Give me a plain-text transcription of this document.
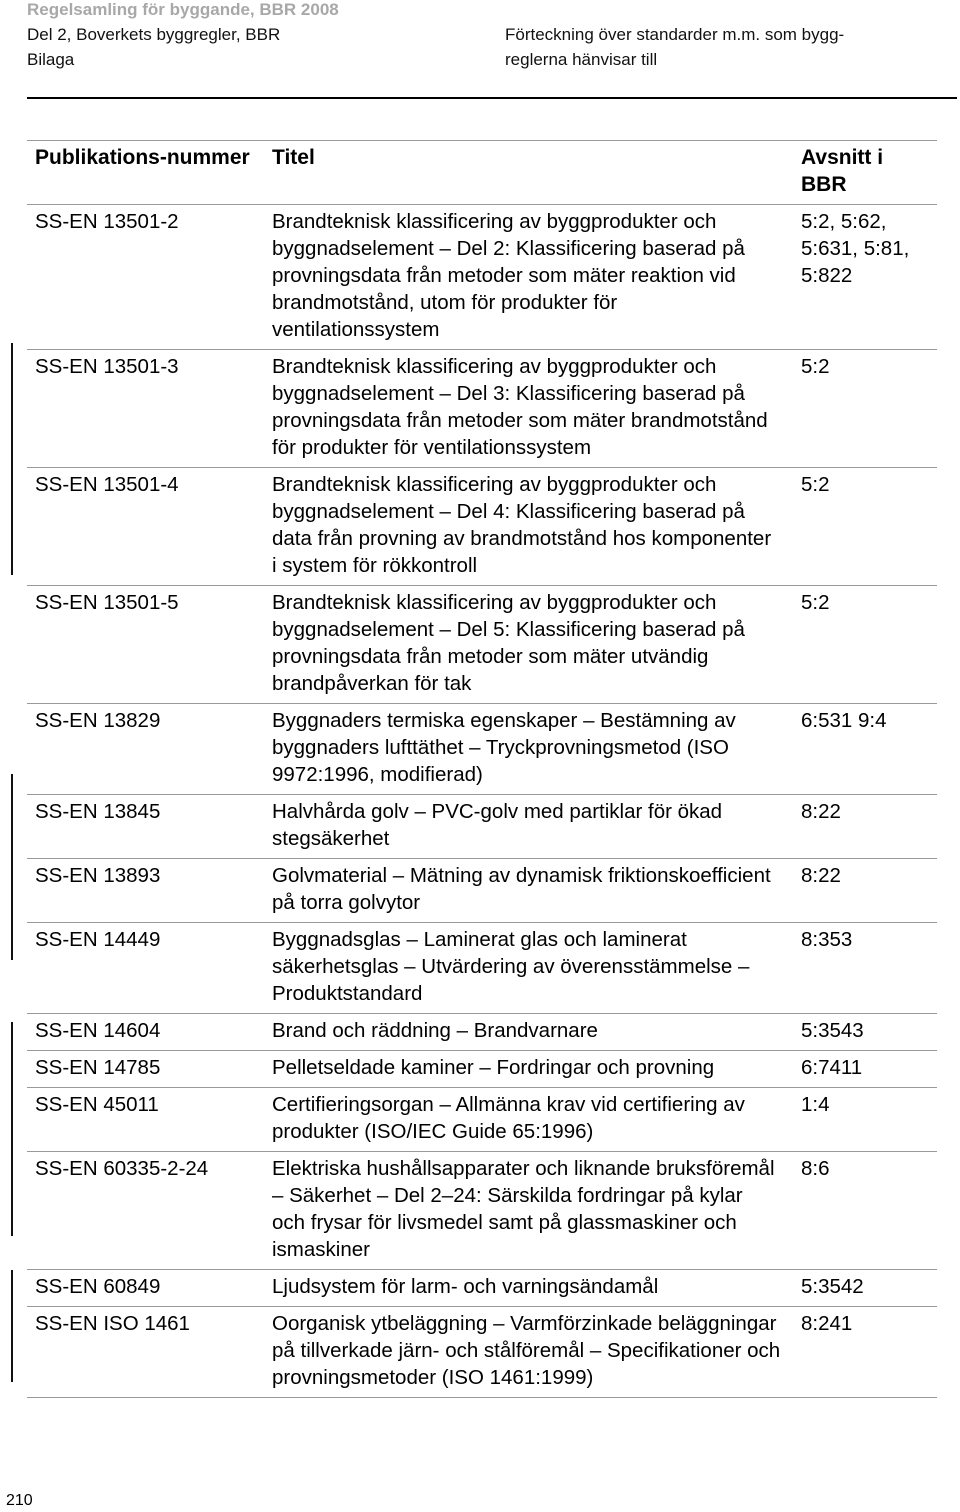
Regelsamling för byggande, BBR 2008
Del 2, Boverkets byggregler, BBR
Bilaga
Förteckning över standarder m.m. som bygg-
reglerna hänvisar till
Publikations-nummer	Titel	Avsnitt i BBR
SS-EN 13501-2	Brandteknisk klassificering av byggprodukter och byggnadselement – Del 2: Klassificering baserad på provningsdata från metoder som mäter reaktion vid brandmotstånd, utom för produkter för ventilationssystem	5:2, 5:62, 5:631, 5:81, 5:822
SS-EN 13501-3	Brandteknisk klassificering av byggprodukter och byggnadselement – Del 3: Klassificering baserad på provningsdata från metoder som mäter brandmotstånd för produkter för ventilationssystem	5:2
SS-EN 13501-4	Brandteknisk klassificering av byggprodukter och byggnadselement – Del 4: Klassificering baserad på data från provning av brandmotstånd hos komponenter i system för rökkontroll	5:2
SS-EN 13501-5	Brandteknisk klassificering av byggprodukter och byggnadselement – Del 5: Klassificering baserad på provningsdata från metoder som mäter utvändig brandpåverkan för tak	5:2
SS-EN 13829	Byggnaders termiska egenskaper – Bestämning av byggnaders lufttäthet – Tryckprovningsmetod (ISO 9972:1996, modifierad)	6:531 9:4
SS-EN 13845	Halvhårda golv – PVC-golv med partiklar för ökad stegsäkerhet	8:22
SS-EN 13893	Golvmaterial – Mätning av dynamisk friktionskoefficient på torra golvytor	8:22
SS-EN 14449	Byggnadsglas – Laminerat glas och laminerat säkerhetsglas – Utvärdering av överensstämmelse – Produktstandard	8:353
SS-EN 14604	Brand och räddning – Brandvarnare	5:3543
SS-EN 14785	Pelletseldade kaminer – Fordringar och provning	6:7411
SS-EN 45011	Certifieringsorgan – Allmänna krav vid certifiering av produkter (ISO/IEC Guide 65:1996)	1:4
SS-EN 60335-2-24	Elektriska hushållsapparater och liknande bruksföremål – Säkerhet – Del 2–24: Särskilda fordringar på kylar och frysar för livsmedel samt på glassmaskiner och ismaskiner	8:6
SS-EN 60849	Ljudsystem för larm- och varningsändamål	5:3542
SS-EN ISO 1461	Oorganisk ytbeläggning – Varmförzinkade beläggningar på tillverkade järn- och stålföremål – Specifikationer och provningsmetoder (ISO 1461:1999)	8:241
210
